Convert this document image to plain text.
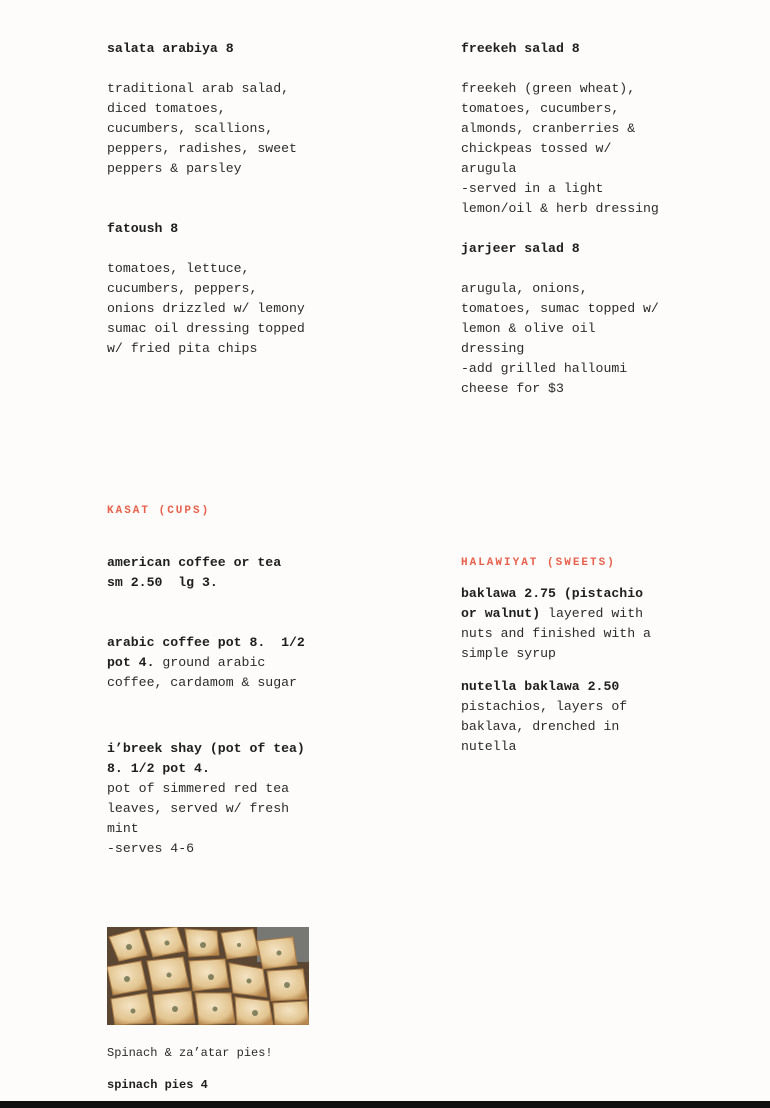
salata arabiya 8
traditional arab salad,
diced tomatoes,
cucumbers, scallions,
peppers, radishes, sweet
peppers & parsley
freekeh salad 8
freekeh (green wheat),
tomatoes, cucumbers,
almonds, cranberries &
chickpeas tossed w/
arugula
-served in a light
lemon/oil & herb dressing
fatoush 8
tomatoes, lettuce,
cucumbers, peppers,
onions drizzled w/ lemony
sumac oil dressing topped
w/ fried pita chips
jarjeer salad 8
arugula, onions,
tomatoes, sumac topped w/
lemon & olive oil
dressing
-add grilled halloumi
cheese for $3
KASAT (CUPS)
american coffee or tea
sm 2.50  lg 3.
arabic coffee pot 8.  1/2
pot 4. ground arabic
coffee, cardamom & sugar
i’breek shay (pot of tea)
8. 1/2 pot 4.
pot of simmered red tea
leaves, served w/ fresh
mint
-serves 4-6
HALAWIYAT (SWEETS)
baklawa 2.75 (pistachio
or walnut) layered with
nuts and finished with a
simple syrup
nutella baklawa 2.50
pistachios, layers of
baklava, drenched in
nutella
Spinach & za’atar pies!
spinach pies 4
